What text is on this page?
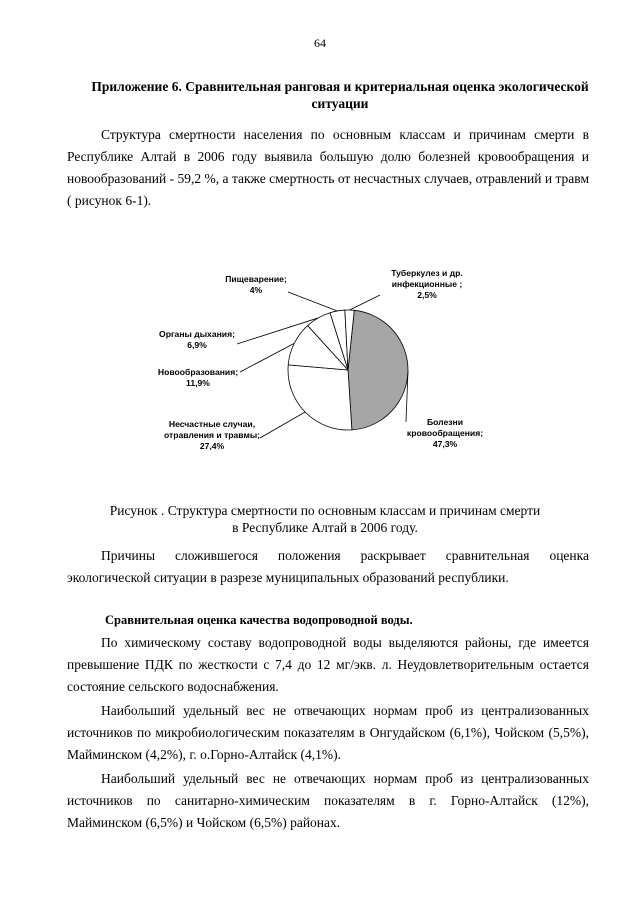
64
Приложение 6. Сравнительная ранговая и критериальная оценка экологической
ситуации
Структура смертности населения по основным классам и причинам смерти в Республике Алтай в 2006 году выявила большую долю болезней кровообращения и новообразований - 59,2 %, а также смертность от несчастных случаев, отравлений и травм ( рисунок 6-1).
Болезни кровообращения; 47,3%
Несчастные случаи, отравления и травмы; 27,4%
Новообразования; 11,9%
Органы дыхания; 6,9%
Пищеварение; 4%
Туберкулез и др. инфекционные ; 2,5%
Рисунок . Структура смертности по основным классам и причинам смерти
в Республике Алтай в 2006 году.
Причины сложившегося положения раскрывает сравнительная оценка экологической ситуации в разрезе муниципальных образований республики.
Сравнительная оценка качества водопроводной воды.
По химическому составу водопроводной воды выделяются районы, где имеется превышение ПДК по жесткости с 7,4 до 12 мг/экв. л. Неудовлетворительным остается состояние сельского водоснабжения.
Наибольший удельный вес не отвечающих нормам проб из централизованных источников по микробиологическим показателям в Онгудайском (6,1%), Чойском (5,5%), Майминском (4,2%), г. о.Горно-Алтайск (4,1%).
Наибольший удельный вес не отвечающих нормам проб из централизованных источников по санитарно-химическим показателям в г. Горно-Алтайск (12%), Майминском (6,5%) и Чойском (6,5%) районах.
